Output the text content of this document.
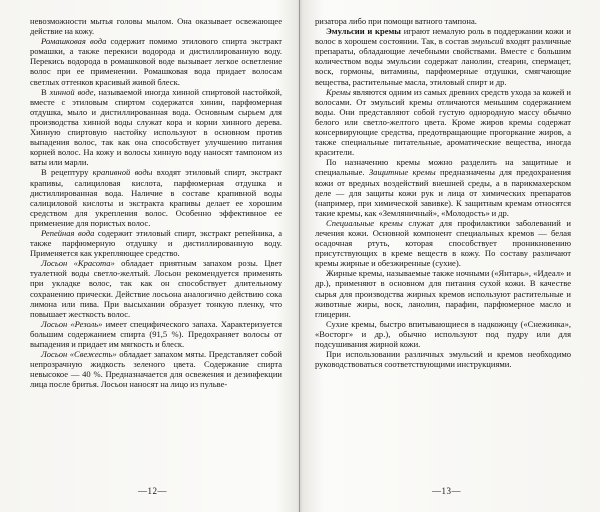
невозможности мытья головы мылом. Она оказывает освежающее действие на кожу.

Ромашковая вода содержит помимо этилового спирта экстракт ромашки, а также перекиси водорода и дистиллированную воду. Перекись водорода в ромашковой воде вызывает легкое осветление волос при ее применении. Ромашковая вода придает волосам светлых оттенков красивый живой блеск.

В хинной воде, называемой иногда хинной спиртовой настойкой, вместе с этиловым спиртом содержатся хинин, парфюмерная отдушка, мыло и дистиллированная вода. Основным сырьем для производства хинной воды служат кора и корни хинного дерева. Хинную спиртовую настойку используют в основном против выпадения волос, так как она способствует улучшению питания корней волос. На кожу и волосы хинную воду наносят тампоном из ваты или марли.

В рецептуру крапивной воды входят этиловый спирт, экстракт крапивы, салициловая кислота, парфюмерная отдушка и дистиллированная вода. Наличие в составе крапивной воды салициловой кислоты и экстракта крапивы делает ее хорошим средством для укрепления волос. Особенно эффективное ее применение для пористых волос.

Репейная вода содержит этиловый спирт, экстракт репейника, а также парфюмерную отдушку и дистиллированную воду. Применяется как укрепляющее средство.

Лосьон «Красота» обладает приятным запахом розы. Цвет туалетной воды светло-желтый. Лосьон рекомендуется применять при укладке волос, так как он способствует длительному сохранению прически. Действие лосьона аналогично действию сока лимона или пива. При высыхании образует тонкую пленку, что повышает жесткость волос.

Лосьон «Резоль» имеет специфического запаха. Характеризуется большим содержанием спирта (91,5 %). Предохраняет волосы от выпадения и придает им мягкость и блеск.

Лосьон «Свежесть» обладает запахом мяты. Представляет собой непрозрачную жидкость зеленого цвета. Содержание спирта невысокое — 40 %. Предназначается для освежения и дезинфекции лица после бритья. Лосьон наносят на лицо из пульве-

—12—

ризатора либо при помощи ватного тампона.

Эмульсии и кремы играют немалую роль в поддержании кожи и волос в хорошем состоянии. Так, в состав эмульсий входят различные препараты, обладающие лечебными свойствами. Вместе с большим количеством воды эмульсии содержат ланолин, стеарин, спермацет, воск, гормоны, витамины, парфюмерные отдушки, смягчающие вещества, растительные масла, этиловый спирт и др.

Кремы являются одним из самых древних средств ухода за кожей и волосами. От эмульсий кремы отличаются меньшим содержанием воды. Они представляют собой густую однородную массу обычно белого или светло-желтого цвета. Кроме жиров кремы содержат консервирующие средства, предотвращающие прогоркание жиров, а также специальные питательные, ароматические вещества, иногда красители.

По назначению кремы можно разделить на защитные и специальные. Защитные кремы предназначены для предохранения кожи от вредных воздействий внешней среды, а в парикмахерском деле — для защиты кожи рук и лица от химических препаратов (например, при химической завивке). К защитным кремам относятся такие кремы, как «Земляничный», «Молодость» и др.

Специальные кремы служат для профилактики заболеваний и лечения кожи. Основной компонент специальных кремов — белая осадочная ртуть, которая способствует проникновению присутствующих в креме веществ в кожу. По составу различают кремы жирные и обезжиренные (сухие).

Жирные кремы, называемые также ночными («Янтарь», «Идеал» и др.), применяют в основном для питания сухой кожи. В качестве сырья для производства жирных кремов используют растительные и животные жиры, воск, ланолин, парафин, парфюмерное масло и глицерин.

Сухие кремы, быстро впитывающиеся в надкожицу («Снежинка», «Восторг» и др.), обычно используют под пудру или для подсушивания жирной кожи.

При использовании различных эмульсий и кремов необходимо руководствоваться соответствующими инструкциями.

—13—
